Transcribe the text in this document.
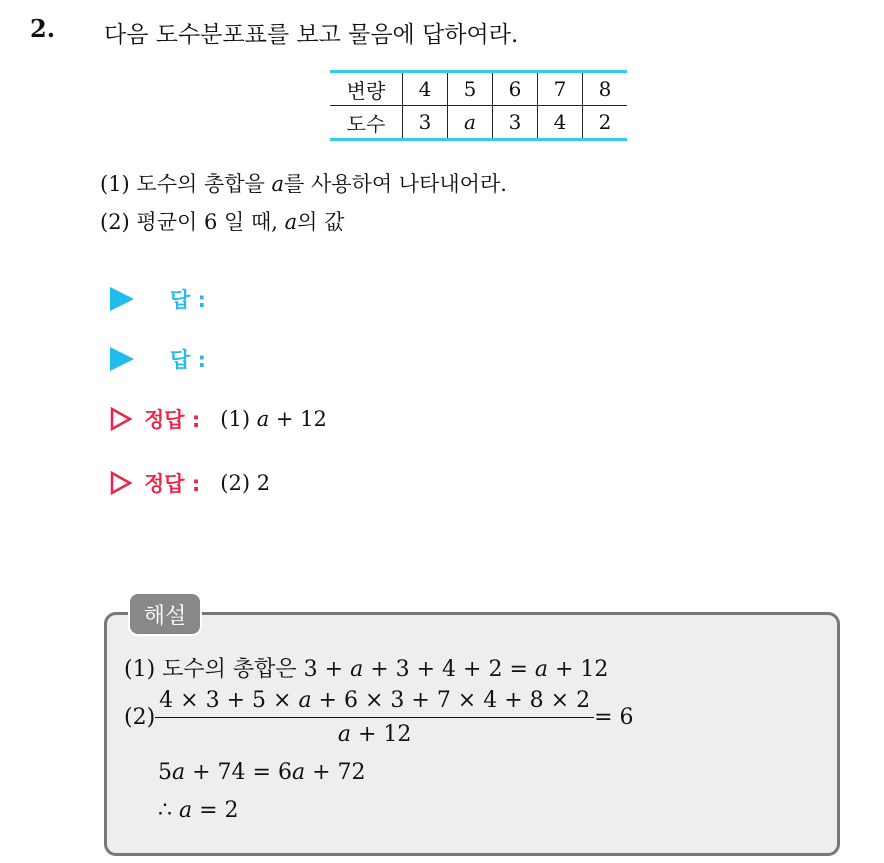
2. 다음 도수분포표를 보고 물음에 답하여라.
변량	4	5	6	7	8
도수	3	a	3	4	2
(1) 도수의 총합을 a를 사용하여 나타내어라.
(2) 평균이 6 일 때, a의 값
답 :
답 :
정답 : (1) a + 12
정답 : (2) 2
해설
(1) 도수의 총합은 3 + a + 3 + 4 + 2 = a + 12
$(2) \frac{4 \times 3 + 5 \times a + 6 \times 3 + 7 \times 4 + 8 \times 2}{a + 12} = 6$
5a + 74 = 6a + 72
∴ a = 2
